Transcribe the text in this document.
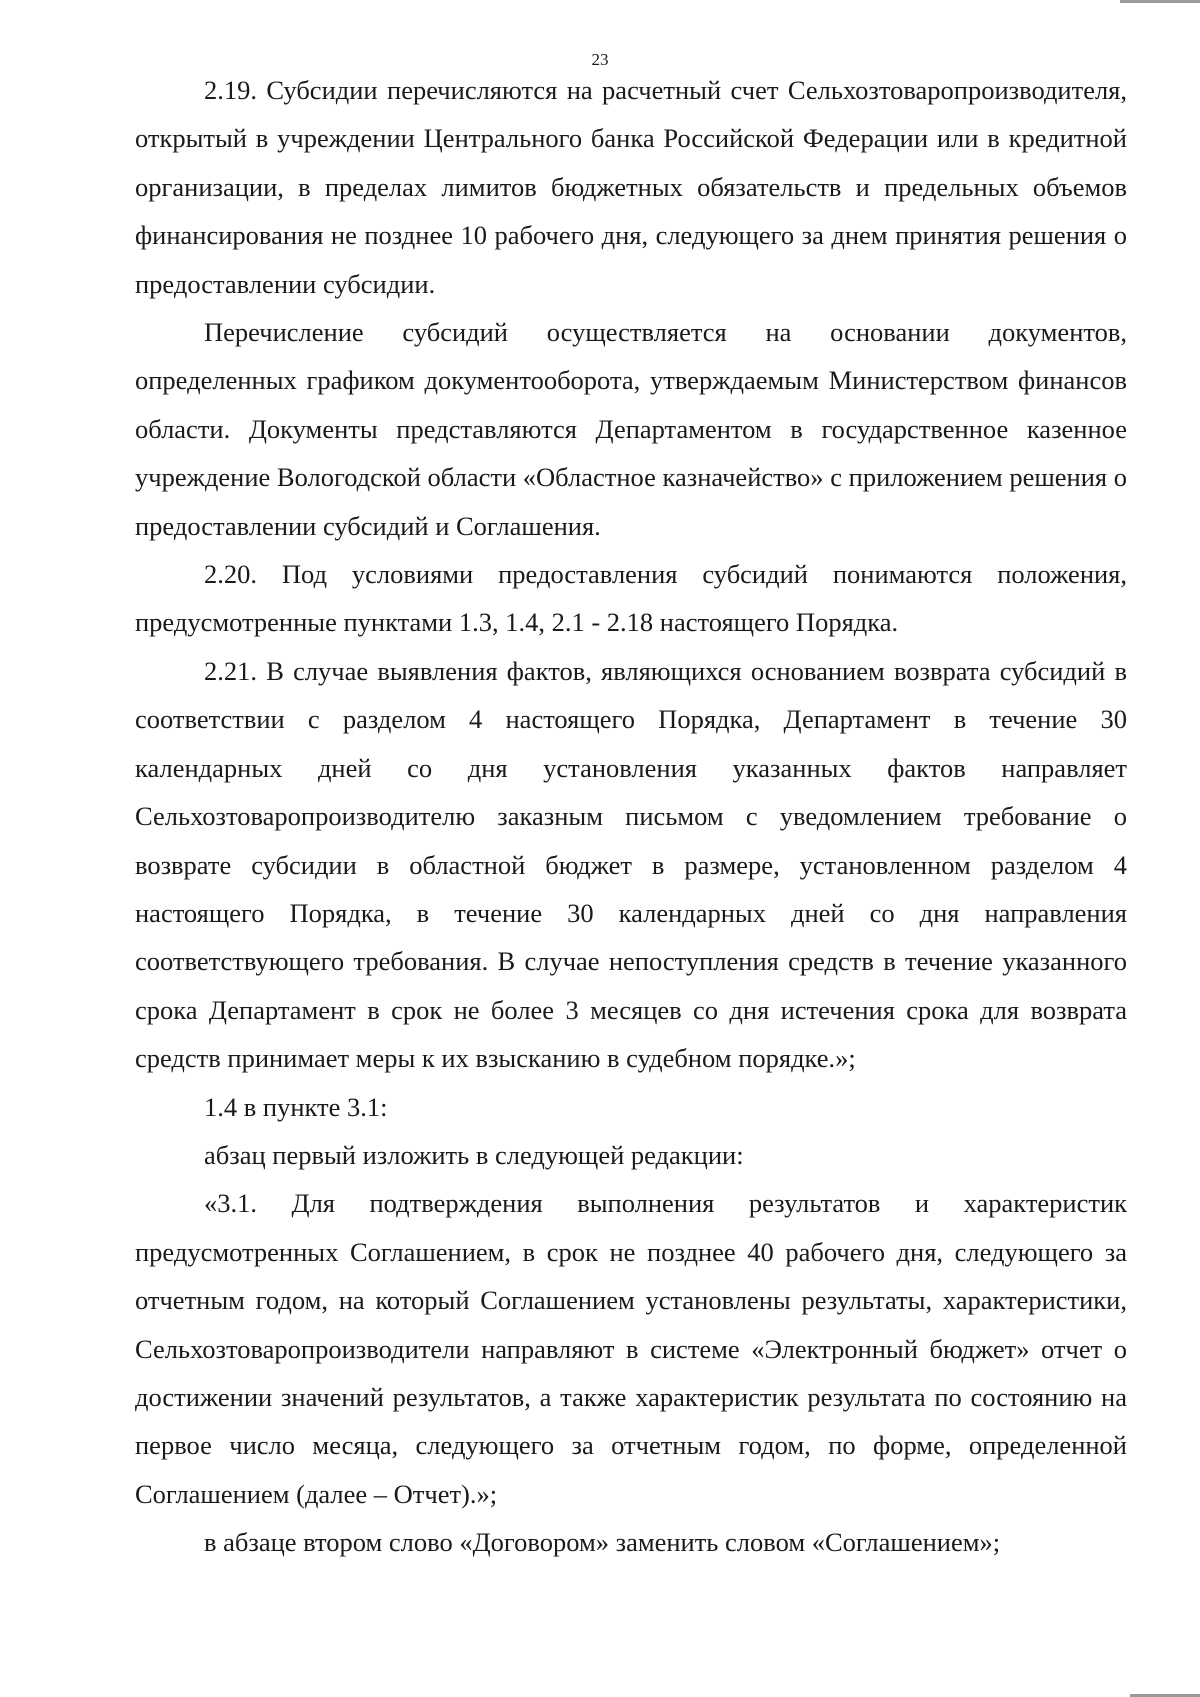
23

2.19. Субсидии перечисляются на расчетный счет Сельхозтоваропроизводителя, открытый в учреждении Центрального банка Российской Федерации или в кредитной организации, в пределах лимитов бюджетных обязательств и предельных объемов финансирования не позднее 10 рабочего дня, следующего за днем принятия решения о предоставлении субсидии.

Перечисление субсидий осуществляется на основании документов, определенных графиком документооборота, утверждаемым Министерством финансов области. Документы представляются Департаментом в государственное казенное учреждение Вологодской области «Областное казначейство» с приложением решения о предоставлении субсидий и Соглашения.

2.20. Под условиями предоставления субсидий понимаются положения, предусмотренные пунктами 1.3, 1.4, 2.1 - 2.18 настоящего Порядка.

2.21. В случае выявления фактов, являющихся основанием возврата субсидий в соответствии с разделом 4 настоящего Порядка, Департамент в течение 30 календарных дней со дня установления указанных фактов направляет Сельхозтоваропроизводителю заказным письмом с уведомлением требование о возврате субсидии в областной бюджет в размере, установленном разделом 4 настоящего Порядка, в течение 30 календарных дней со дня направления соответствующего требования. В случае непоступления средств в течение указанного срока Департамент в срок не более 3 месяцев со дня истечения срока для возврата средств принимает меры к их взысканию в судебном порядке.»;

1.4 в пункте 3.1:

абзац первый изложить в следующей редакции:

«3.1. Для подтверждения выполнения результатов и характеристик предусмотренных Соглашением, в срок не позднее 40 рабочего дня, следующего за отчетным годом, на который Соглашением установлены результаты, характеристики, Сельхозтоваропроизводители направляют в системе «Электронный бюджет» отчет о достижении значений результатов, а также характеристик результата по состоянию на первое число месяца, следующего за отчетным годом, по форме, определенной Соглашением (далее – Отчет).»;

в абзаце втором слово «Договором» заменить словом «Соглашением»;
